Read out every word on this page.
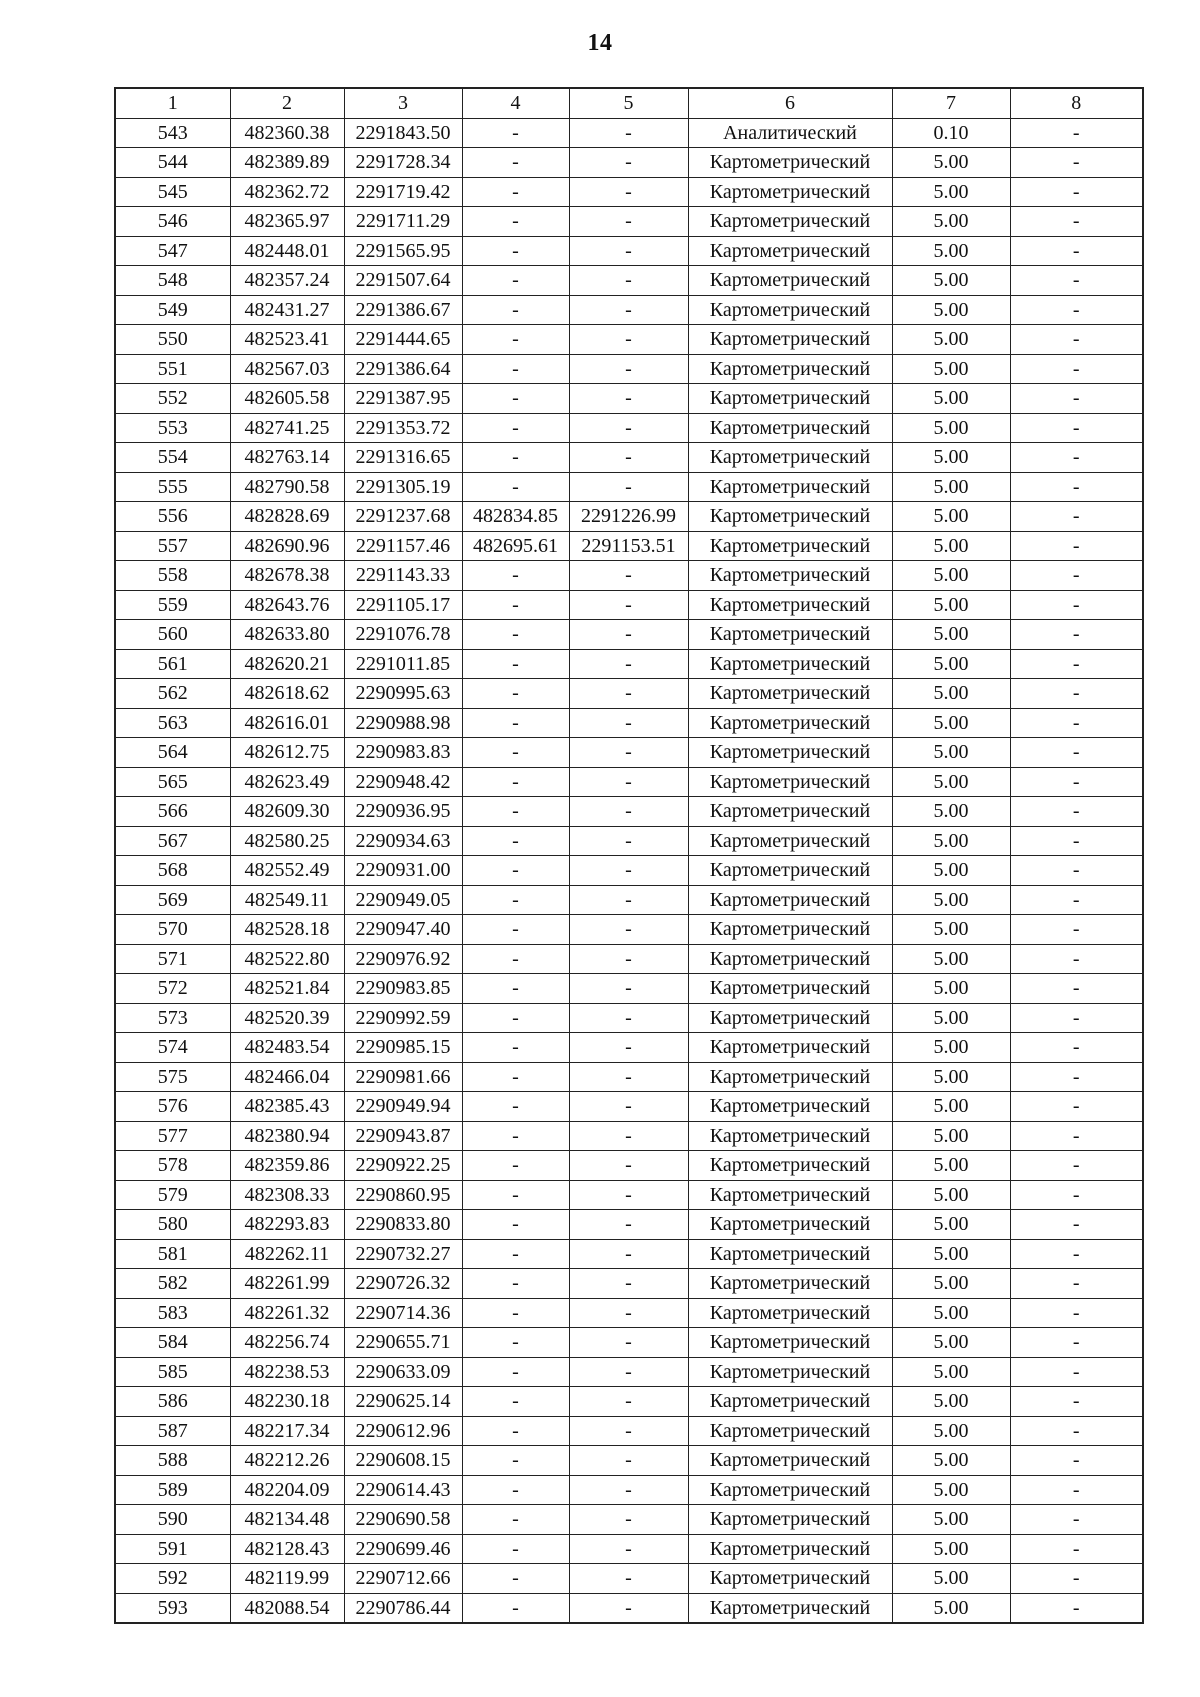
14
1	2	3	4	5	6	7	8
543	482360.38	2291843.50	-	-	Аналитический	0.10	-
544	482389.89	2291728.34	-	-	Картометрический	5.00	-
545	482362.72	2291719.42	-	-	Картометрический	5.00	-
546	482365.97	2291711.29	-	-	Картометрический	5.00	-
547	482448.01	2291565.95	-	-	Картометрический	5.00	-
548	482357.24	2291507.64	-	-	Картометрический	5.00	-
549	482431.27	2291386.67	-	-	Картометрический	5.00	-
550	482523.41	2291444.65	-	-	Картометрический	5.00	-
551	482567.03	2291386.64	-	-	Картометрический	5.00	-
552	482605.58	2291387.95	-	-	Картометрический	5.00	-
553	482741.25	2291353.72	-	-	Картометрический	5.00	-
554	482763.14	2291316.65	-	-	Картометрический	5.00	-
555	482790.58	2291305.19	-	-	Картометрический	5.00	-
556	482828.69	2291237.68	482834.85	2291226.99	Картометрический	5.00	-
557	482690.96	2291157.46	482695.61	2291153.51	Картометрический	5.00	-
558	482678.38	2291143.33	-	-	Картометрический	5.00	-
559	482643.76	2291105.17	-	-	Картометрический	5.00	-
560	482633.80	2291076.78	-	-	Картометрический	5.00	-
561	482620.21	2291011.85	-	-	Картометрический	5.00	-
562	482618.62	2290995.63	-	-	Картометрический	5.00	-
563	482616.01	2290988.98	-	-	Картометрический	5.00	-
564	482612.75	2290983.83	-	-	Картометрический	5.00	-
565	482623.49	2290948.42	-	-	Картометрический	5.00	-
566	482609.30	2290936.95	-	-	Картометрический	5.00	-
567	482580.25	2290934.63	-	-	Картометрический	5.00	-
568	482552.49	2290931.00	-	-	Картометрический	5.00	-
569	482549.11	2290949.05	-	-	Картометрический	5.00	-
570	482528.18	2290947.40	-	-	Картометрический	5.00	-
571	482522.80	2290976.92	-	-	Картометрический	5.00	-
572	482521.84	2290983.85	-	-	Картометрический	5.00	-
573	482520.39	2290992.59	-	-	Картометрический	5.00	-
574	482483.54	2290985.15	-	-	Картометрический	5.00	-
575	482466.04	2290981.66	-	-	Картометрический	5.00	-
576	482385.43	2290949.94	-	-	Картометрический	5.00	-
577	482380.94	2290943.87	-	-	Картометрический	5.00	-
578	482359.86	2290922.25	-	-	Картометрический	5.00	-
579	482308.33	2290860.95	-	-	Картометрический	5.00	-
580	482293.83	2290833.80	-	-	Картометрический	5.00	-
581	482262.11	2290732.27	-	-	Картометрический	5.00	-
582	482261.99	2290726.32	-	-	Картометрический	5.00	-
583	482261.32	2290714.36	-	-	Картометрический	5.00	-
584	482256.74	2290655.71	-	-	Картометрический	5.00	-
585	482238.53	2290633.09	-	-	Картометрический	5.00	-
586	482230.18	2290625.14	-	-	Картометрический	5.00	-
587	482217.34	2290612.96	-	-	Картометрический	5.00	-
588	482212.26	2290608.15	-	-	Картометрический	5.00	-
589	482204.09	2290614.43	-	-	Картометрический	5.00	-
590	482134.48	2290690.58	-	-	Картометрический	5.00	-
591	482128.43	2290699.46	-	-	Картометрический	5.00	-
592	482119.99	2290712.66	-	-	Картометрический	5.00	-
593	482088.54	2290786.44	-	-	Картометрический	5.00	-
